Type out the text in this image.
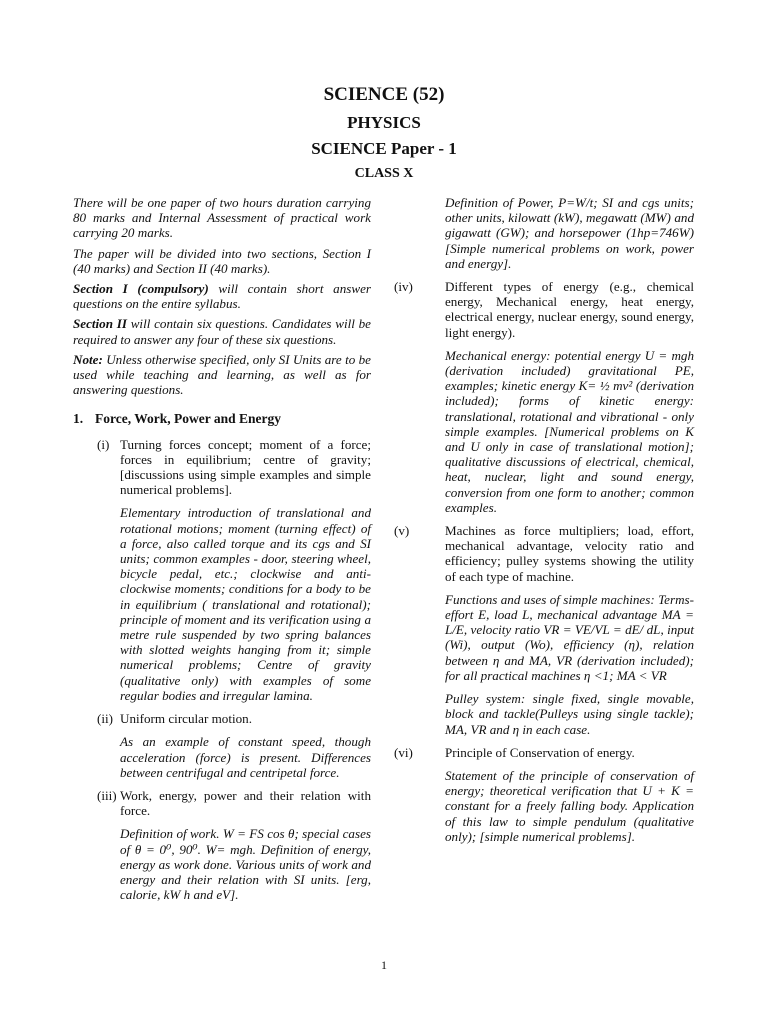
SCIENCE (52)
PHYSICS
SCIENCE Paper - 1
CLASS X

There will be one paper of two hours duration carrying 80 marks and Internal Assessment of practical work carrying 20 marks.

The paper will be divided into two sections, Section I (40 marks) and Section II (40 marks).

Section I (compulsory) will contain short answer questions on the entire syllabus.

Section II will contain six questions. Candidates will be required to answer any four of these six questions.

Note: Unless otherwise specified, only SI Units are to be used while teaching and learning, as well as for answering questions.

1. Force, Work, Power and Energy
(i) Turning forces concept; moment of a force; forces in equilibrium; centre of gravity; [discussions using simple examples and simple numerical problems].

Elementary introduction of translational and rotational motions; moment (turning effect) of a force, also called torque and its cgs and SI units; common examples - door, steering wheel, bicycle pedal, etc.; clockwise and anti-clockwise moments; conditions for a body to be in equilibrium ( translational and rotational); principle of moment and its verification using a metre rule suspended by two spring balances with slotted weights hanging from it; simple numerical problems; Centre of gravity (qualitative only) with examples of some regular bodies and irregular lamina.

(ii) Uniform circular motion.

As an example of constant speed, though acceleration (force) is present. Differences between centrifugal and centripetal force.

(iii) Work, energy, power and their relation with force.

Definition of work. W = FS cos θ; special cases of θ = 0⁰, 90⁰. W= mgh. Definition of energy, energy as work done. Various units of work and energy and their relation with SI units. [erg, calorie, kW h and eV].

Definition of Power, P=W/t; SI and cgs units; other units, kilowatt (kW), megawatt (MW) and gigawatt (GW); and horsepower (1hp=746W) [Simple numerical problems on work, power and energy].

(iv) Different types of energy (e.g., chemical energy, Mechanical energy, heat energy, electrical energy, nuclear energy, sound energy, light energy).

Mechanical energy: potential energy U = mgh (derivation included) gravitational PE, examples; kinetic energy K= ½ mv² (derivation included); forms of kinetic energy: translational, rotational and vibrational - only simple examples. [Numerical problems on K and U only in case of translational motion]; qualitative discussions of electrical, chemical, heat, nuclear, light and sound energy, conversion from one form to another; common examples.

(v)	Machines as force multipliers; load, effort, mechanical advantage, velocity ratio and efficiency; pulley systems showing the utility of each type of machine.

Functions and uses of simple machines: Terms- effort E, load L, mechanical advantage MA = L/E, velocity ratio VR = VE/VL = dE/ dL, input (Wi), output (Wo), efficiency (η), relation between η and MA, VR (derivation included); for all practical machines η <1; MA < VR

Pulley system: single fixed, single movable, block and tackle(Pulleys using single tackle); MA, VR and η in each case.

(vi) Principle of Conservation of energy.

Statement of the principle of conservation of energy; theoretical verification that U + K = constant for a freely falling body. Application of this law to simple pendulum (qualitative only); [simple numerical problems].

1
